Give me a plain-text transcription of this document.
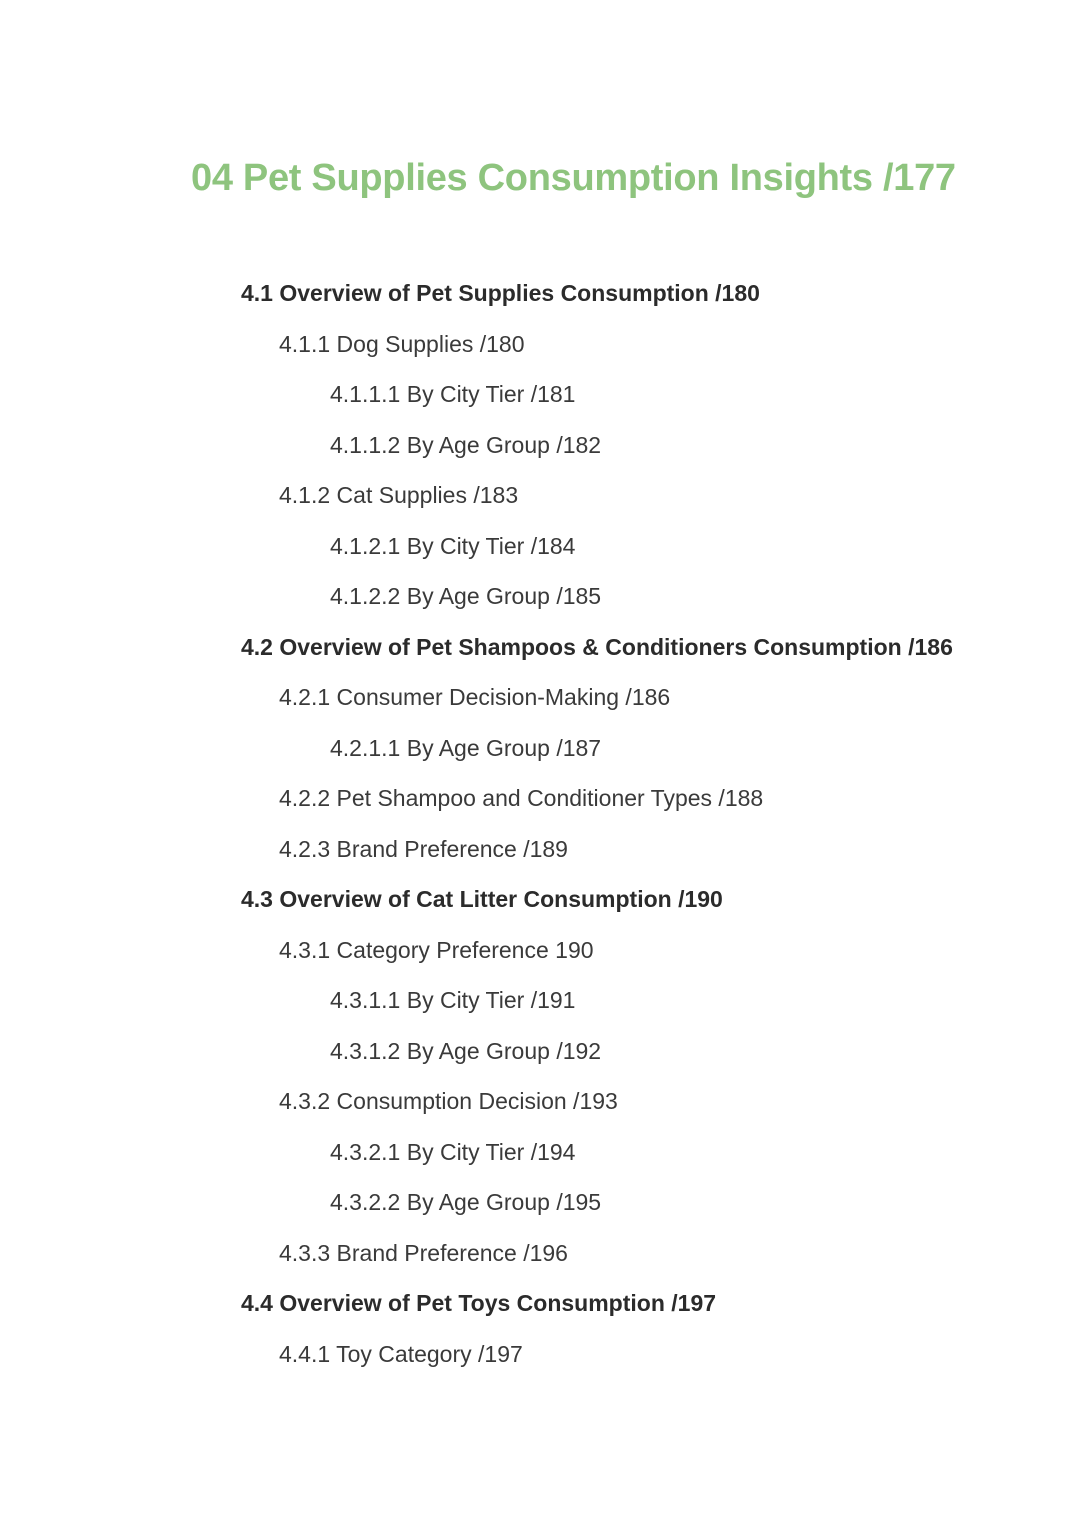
04 Pet Supplies Consumption Insights /177
4.1 Overview of Pet Supplies Consumption /180
4.1.1 Dog Supplies /180
4.1.1.1 By City Tier /181
4.1.1.2 By Age Group /182
4.1.2 Cat Supplies /183
4.1.2.1 By City Tier /184
4.1.2.2 By Age Group /185
4.2 Overview of Pet Shampoos & Conditioners Consumption /186
4.2.1 Consumer Decision-Making /186
4.2.1.1 By Age Group /187
4.2.2 Pet Shampoo and Conditioner Types /188
4.2.3 Brand Preference /189
4.3 Overview of Cat Litter Consumption /190
4.3.1 Category Preference 190
4.3.1.1 By City Tier /191
4.3.1.2 By Age Group /192
4.3.2 Consumption Decision /193
4.3.2.1 By City Tier /194
4.3.2.2 By Age Group /195
4.3.3 Brand Preference /196
4.4 Overview of Pet Toys Consumption /197
4.4.1 Toy Category /197
